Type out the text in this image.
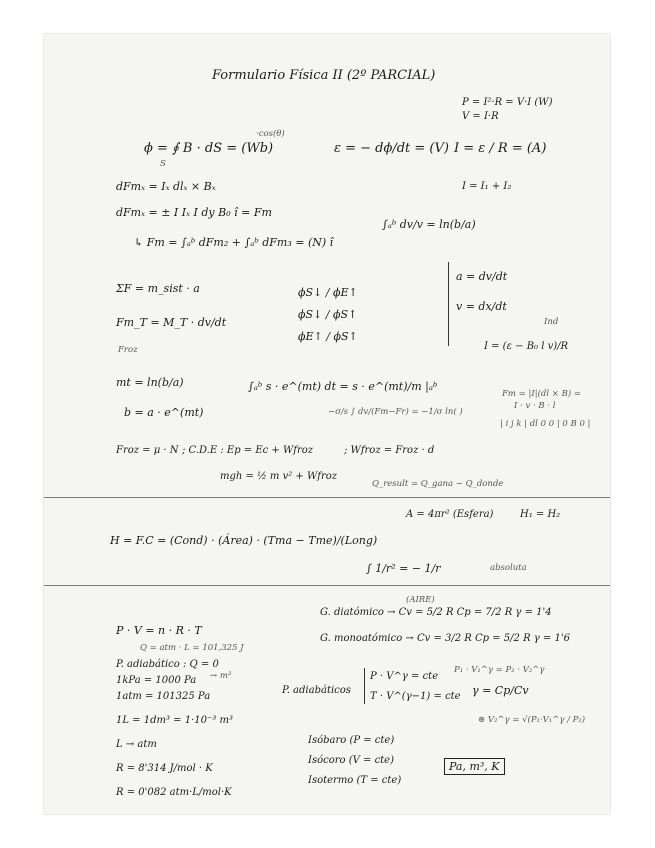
Formulario Física II (2º PARCIAL)
P = I²·R = V·I (W)
V = I·R
·cos(θ)
ϕ = ∮ B · dS = (Wb)
S
ε = − dϕ/dt = (V) I = ε / R = (A)
I = I₁ + I₂
dFmₓ = Iₓ dlₓ × Bₓ
dFmₓ = ± I Iₓ I dy B₀ î = Fm
↳ Fm = ∫ₐᵇ dFm₂ + ∫ₐᵇ dFm₃ = (N) î
∫ₐᵇ dv/v = ln(b/a)
ΣF = m_sist · a
Fm_T = M_T · dv/dt
Froz
ϕS↓ / ϕE↑
ϕS↓ / ϕS↑
ϕE↑ / ϕS↑
a = dv/dt
v = dx/dt
Ind
I = (ε − B₀ l v)/R
mt = ln(b/a)
b = a · e^(mt)
∫ₐᵇ s · e^(mt) dt = s · e^(mt)/m |ₐᵇ
−σ/s ∫ dv/(Fm−Fr) = −1/σ ln( )
Fm = |I|(dl × B) =
I · v · B · l
| i j k | dl 0 0 | 0 B 0 |
Froz = μ · N ; C.D.E : Ep = Ec + Wfroz	; Wfroz = Froz · d
mgh = ½ m v² + Wfroz
Q_result = Q_gana − Q_donde
A = 4πr² (Esfera)	H₁ = H₂
H = F.C = (Cond) · (Área) · (Tma − Tme)/(Long)
∫ 1/r² = − 1/r	absoluta
(AIRE)
G. diatómico → Cv = 5/2 R Cp = 7/2 R γ = 1'4
G. monoatómico → Cv = 3/2 R Cp = 5/2 R γ = 1'6
P · V = n · R · T
Q = atm · L = 101,325 J
P. adiabático : Q = 0
1kPa = 1000 Pa → m³
1atm = 101325 Pa
P. adiabáticos
P · V^γ = cte
T · V^(γ−1) = cte
P₁ · V₁^γ = P₂ · V₂^γ
γ = Cp/Cv
⊛ V₂^γ = √(P₁·V₁^γ / P₂)
1L = 1dm³ = 1·10⁻³ m³
L → atm	Isóbaro (P = cte)
Isócoro (V = cte)
Isotermo (T = cte)
R = 8'314 J/mol · K
R = 0'082 atm·L/mol·K
Pa, m³, K
